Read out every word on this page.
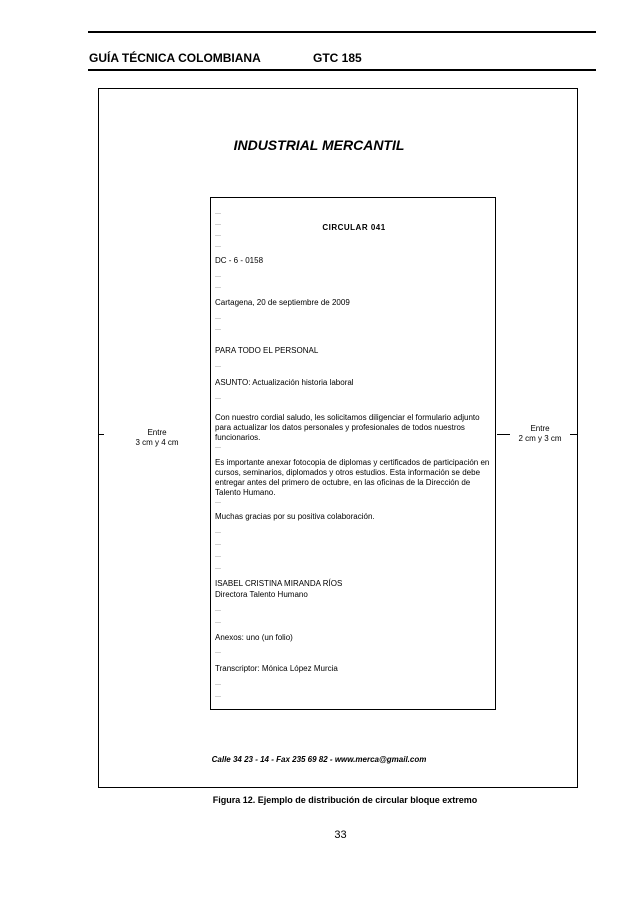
GUÍA TÉCNICA COLOMBIANA	GTC 185
INDUSTRIAL MERCANTIL
Entre
3 cm y 4 cm
Entre
2 cm y 3 cm
—
—
—
—
—
—
—
—
—
—
—
—
—
—
—
—
—
—
—
—
—
CIRCULAR 041
DC - 6 - 0158
Cartagena, 20 de septiembre de 2009
PARA TODO EL PERSONAL
ASUNTO: Actualización historia laboral
Con nuestro cordial saludo, les solicitamos diligenciar el formulario adjunto para actualizar los datos personales y profesionales de todos nuestros funcionarios.
Es importante anexar fotocopia de diplomas y certificados de participación en cursos, seminarios, diplomados y otros estudios. Esta información se debe entregar antes del primero de octubre, en las oficinas de la Dirección de Talento Humano.
Muchas gracias por su positiva colaboración.
ISABEL CRISTINA MIRANDA RÍOS
Directora Talento Humano
Anexos: uno (un folio)
Transcriptor: Mónica López Murcia
Calle 34 23 - 14 - Fax 235 69 82 - www.merca@gmail.com
Figura 12. Ejemplo de distribución de circular bloque extremo
33
